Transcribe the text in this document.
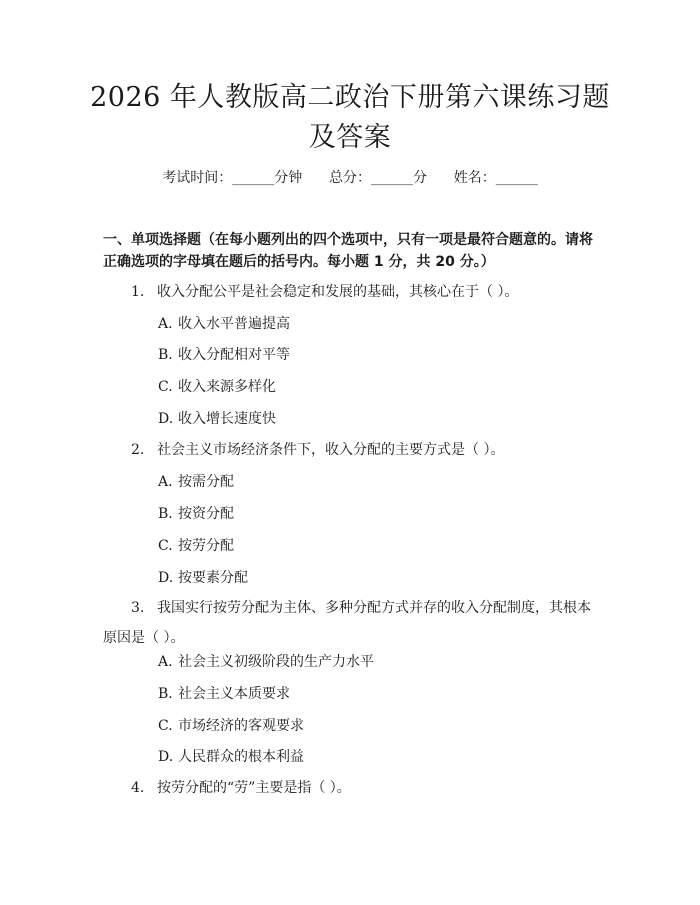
2026 年人教版高二政治下册第六课练习题及答案
考试时间：______分钟      总分：______分      姓名：______
一、单项选择题（在每小题列出的四个选项中，只有一项是最符合题意的。请将正确选项的字母填在题后的括号内。每小题 1 分，共 20 分。）
1. 收入分配公平是社会稳定和发展的基础，其核心在于（ ）。
A. 收入水平普遍提高
B. 收入分配相对平等
C. 收入来源多样化
D. 收入增长速度快
2. 社会主义市场经济条件下，收入分配的主要方式是（ ）。
A. 按需分配
B. 按资分配
C. 按劳分配
D. 按要素分配
3. 我国实行按劳分配为主体、多种分配方式并存的收入分配制度，其根本原因是（ ）。
A. 社会主义初级阶段的生产力水平
B. 社会主义本质要求
C. 市场经济的客观要求
D. 人民群众的根本利益
4. 按劳分配的“劳”主要是指（ ）。
